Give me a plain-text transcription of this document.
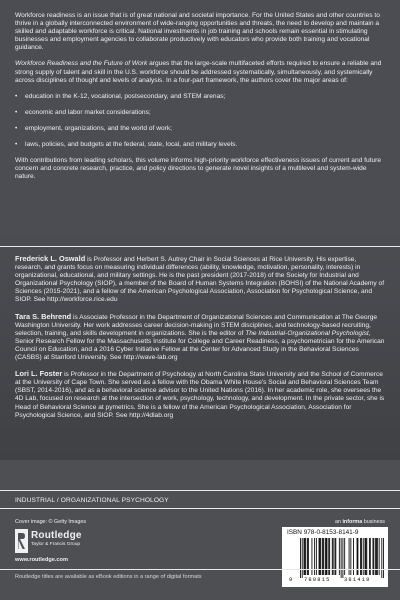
Workforce readiness is an issue that is of great national and societal importance. For the United States and other countries to thrive in a globally interconnected environment of wide-ranging opportunities and threats, the need to develop and maintain a skilled and adaptable workforce is critical. National investments in job training and schools remain essential in stimulating businesses and employment agencies to collaborate productively with educators who provide both training and vocational guidance.

Workforce Readiness and the Future of Work argues that the large-scale multifaceted efforts required to ensure a reliable and strong supply of talent and skill in the U.S. workforce should be addressed systematically, simultaneously, and systemically across disciplines of thought and levels of analysis. In a four-part framework, the authors cover the major areas of:

• education in the K-12, vocational, postsecondary, and STEM arenas;
• economic and labor market considerations;
• employment, organizations, and the world of work;
• laws, policies, and budgets at the federal, state, local, and military levels.

With contributions from leading scholars, this volume informs high-priority workforce effectiveness issues of current and future concern and concrete research, practice, and policy directions to generate novel insights of a multilevel and system-wide nature.

Frederick L. Oswald is Professor and Herbert S. Autrey Chair in Social Sciences at Rice University. His expertise, research, and grants focus on measuring individual differences (ability, knowledge, motivation, personality, interests) in organizational, educational, and military settings. He is the past president (2017-2018) of the Society for Industrial and Organizational Psychology (SIOP), a member of the Board of Human Systems Integration (BOHSI) of the National Academy of Sciences (2015-2021), and a fellow of the American Psychological Association, Association for Psychological Science, and SIOP. See http://workforce.rice.edu

Tara S. Behrend is Associate Professor in the Department of Organizational Sciences and Communication at The George Washington University. Her work addresses career decision-making in STEM disciplines, and technology-based recruiting, selection, training, and skills development in organizations. She is the editor of The Industrial-Organizational Psychologist, Senior Research Fellow for the Massachusetts Institute for College and Career Readiness, a psychometrician for the American Council on Education, and a 2016 Cyber Initiative Fellow at the Center for Advanced Study in the Behavioral Sciences (CASBS) at Stanford University. See http://wave-lab.org

Lori L. Foster is Professor in the Department of Psychology at North Carolina State University and the School of Commerce at the University of Cape Town. She served as a fellow with the Obama White House's Social and Behavioral Sciences Team (SBST, 2014-2016), and as a behavioral science advisor to the United Nations (2016). In her academic role, she oversees the 4D Lab, focused on research at the intersection of work, psychology, technology, and development. In the private sector, she is Head of Behavioral Science at pymetrics. She is a fellow of the American Psychological Association, Association for Psychological Science, and SIOP. See http://4dlab.org

INDUSTRIAL / ORGANIZATIONAL PSYCHOLOGY
Cover image: © Getty Images	an informa business
Routledge
Taylor & Francis Group
www.routledge.com
ISBN 978-0-8153-8141-9
9 780815 381419
Routledge titles are available as eBook editions in a range of digital formats
